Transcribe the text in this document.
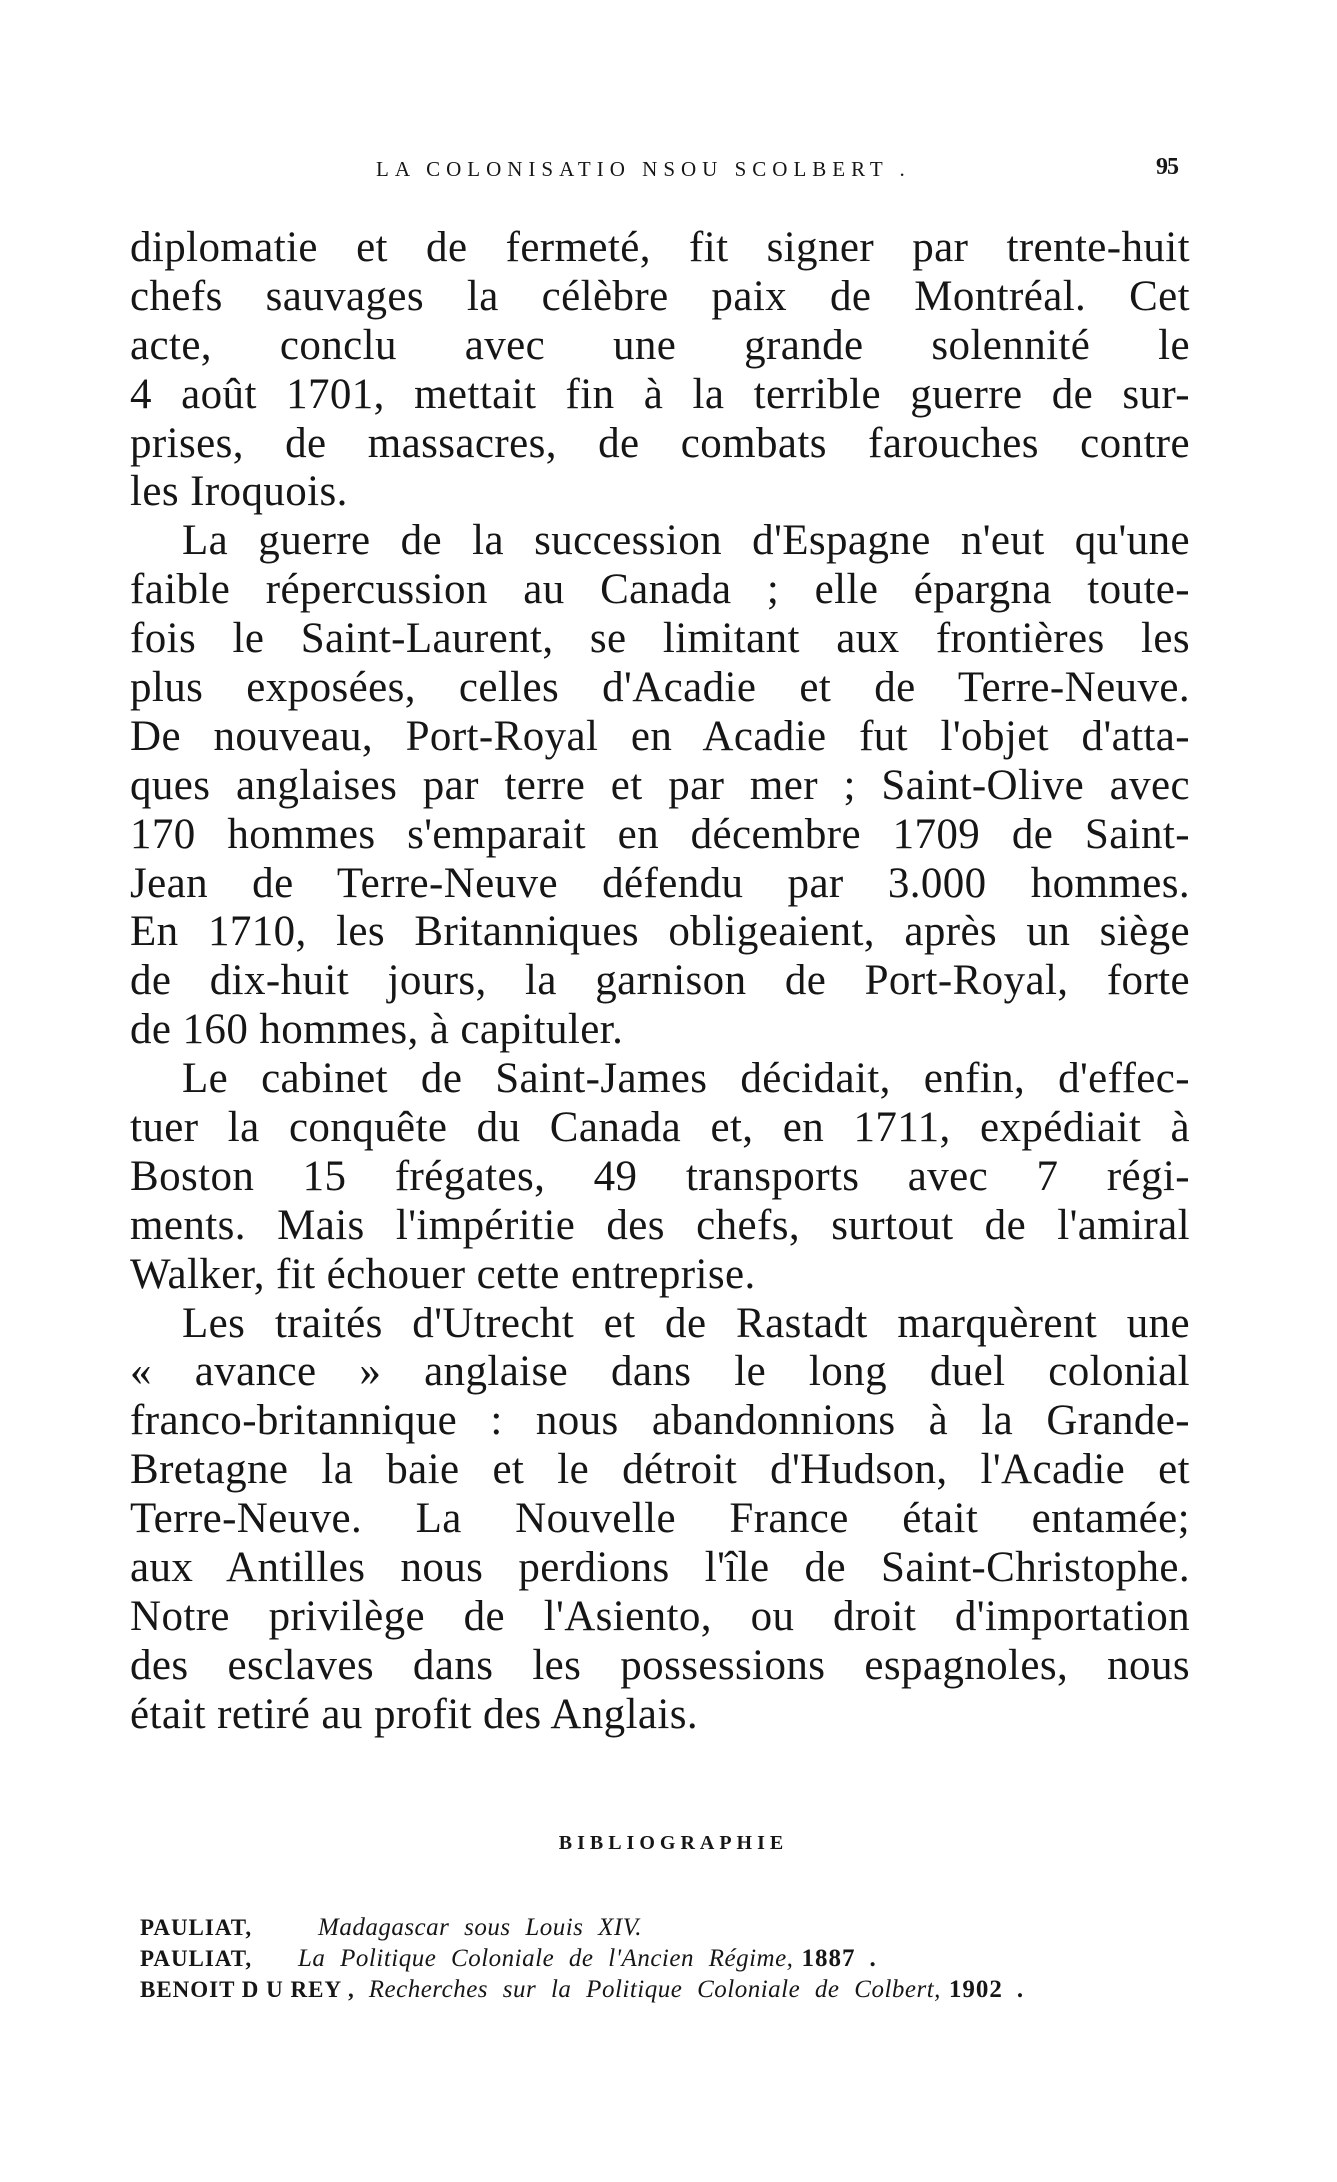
LA COLONISATIO NSOU SCOLBERT .	95
diplomatie et de fermeté, fit signer par trente-huit
chefs sauvages la célèbre paix de Montréal. Cet
acte, conclu avec une grande solennité le
4 août 1701, mettait fin à la terrible guerre de sur-
prises, de massacres, de combats farouches contre
les Iroquois.
La guerre de la succession d'Espagne n'eut qu'une
faible répercussion au Canada ; elle épargna toute-
fois le Saint-Laurent, se limitant aux frontières les
plus exposées, celles d'Acadie et de Terre-Neuve.
De nouveau, Port-Royal en Acadie fut l'objet d'atta-
ques anglaises par terre et par mer ; Saint-Olive avec
170 hommes s'emparait en décembre 1709 de Saint-
Jean de Terre-Neuve défendu par 3.000 hommes.
En 1710, les Britanniques obligeaient, après un siège
de dix-huit jours, la garnison de Port-Royal, forte
de 160 hommes, à capituler.
Le cabinet de Saint-James décidait, enfin, d'effec-
tuer la conquête du Canada et, en 1711, expédiait à
Boston 15 frégates, 49 transports avec 7 régi-
ments. Mais l'impéritie des chefs, surtout de l'amiral
Walker, fit échouer cette entreprise.
Les traités d'Utrecht et de Rastadt marquèrent une
« avance » anglaise dans le long duel colonial
franco-britannique : nous abandonnions à la Grande-
Bretagne la baie et le détroit d'Hudson, l'Acadie et
Terre-Neuve. La Nouvelle France était entamée;
aux Antilles nous perdions l'île de Saint-Christophe.
Notre privilège de l'Asiento, ou droit d'importation
des esclaves dans les possessions espagnoles, nous
était retiré au profit des Anglais.
BIBLIOGRAPHIE
PAULIAT,	Madagascar sous Louis XIV.
PAULIAT,	La Politique Coloniale de l'Ancien Régime, 1887 .
BENOIT D U REY , Recherches sur la Politique Coloniale de Colbert, 1902 .
